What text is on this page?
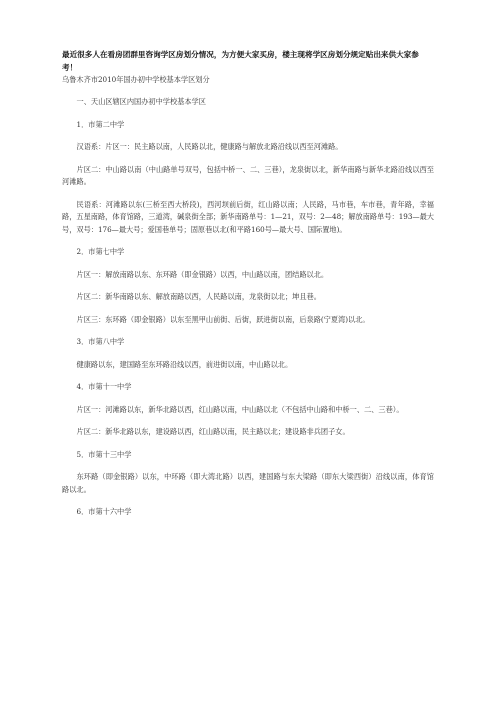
最近很多人在看房团群里咨询学区房划分情况，为方便大家买房，楼主现将学区房划分规定贴出来供大家参考！
乌鲁木齐市2010年国办初中学校基本学区划分
一、天山区辖区内国办初中学校基本学区
1．市第二中学
汉语系：片区一：民主路以南，人民路以北，健康路与解放北路沿线以西至河滩路。
片区二：中山路以南（中山路单号双号，包括中桥一、二、三巷），龙泉街以北，新华南路与新华北路沿线以西至河滩路。
民语系：河滩路以东(三桥至西大桥段)，西河坝前后街，红山路以南；人民路，马市巷，车市巷，青年路，幸福路，五星南路，体育馆路，三道湾，碱泉街全部；新华南路单号：1—21，双号：2—48；解放南路单号：193—最大号，双号：176—最大号；爱国巷单号；固原巷以北(和平路160号—最大号、国际置地)。
2．市第七中学
片区一：解放南路以东、东环路（即金银路）以西，中山路以南，团结路以北。
片区二：新华南路以东、解放南路以西，人民路以南，龙泉街以北；坤且巷。
片区三：东环路（即金银路）以东至黑甲山前街、后街，跃进街以南，后泉路(宁夏湾)以北。
3．市第八中学
健康路以东，建国路至东环路沿线以西，前进街以南，中山路以北。
4．市第十一中学
片区一：河滩路以东，新华北路以西，红山路以南，中山路以北（不包括中山路和中桥一、二、三巷）。
片区二：新华北路以东，建设路以西，红山路以南，民主路以北；建设路非兵团子女。
5．市第十三中学
东环路（即金银路）以东，中环路（即大湾北路）以西，建国路与东大梁路（即东大梁西街）沿线以南，体育馆路以北。
6．市第十六中学
